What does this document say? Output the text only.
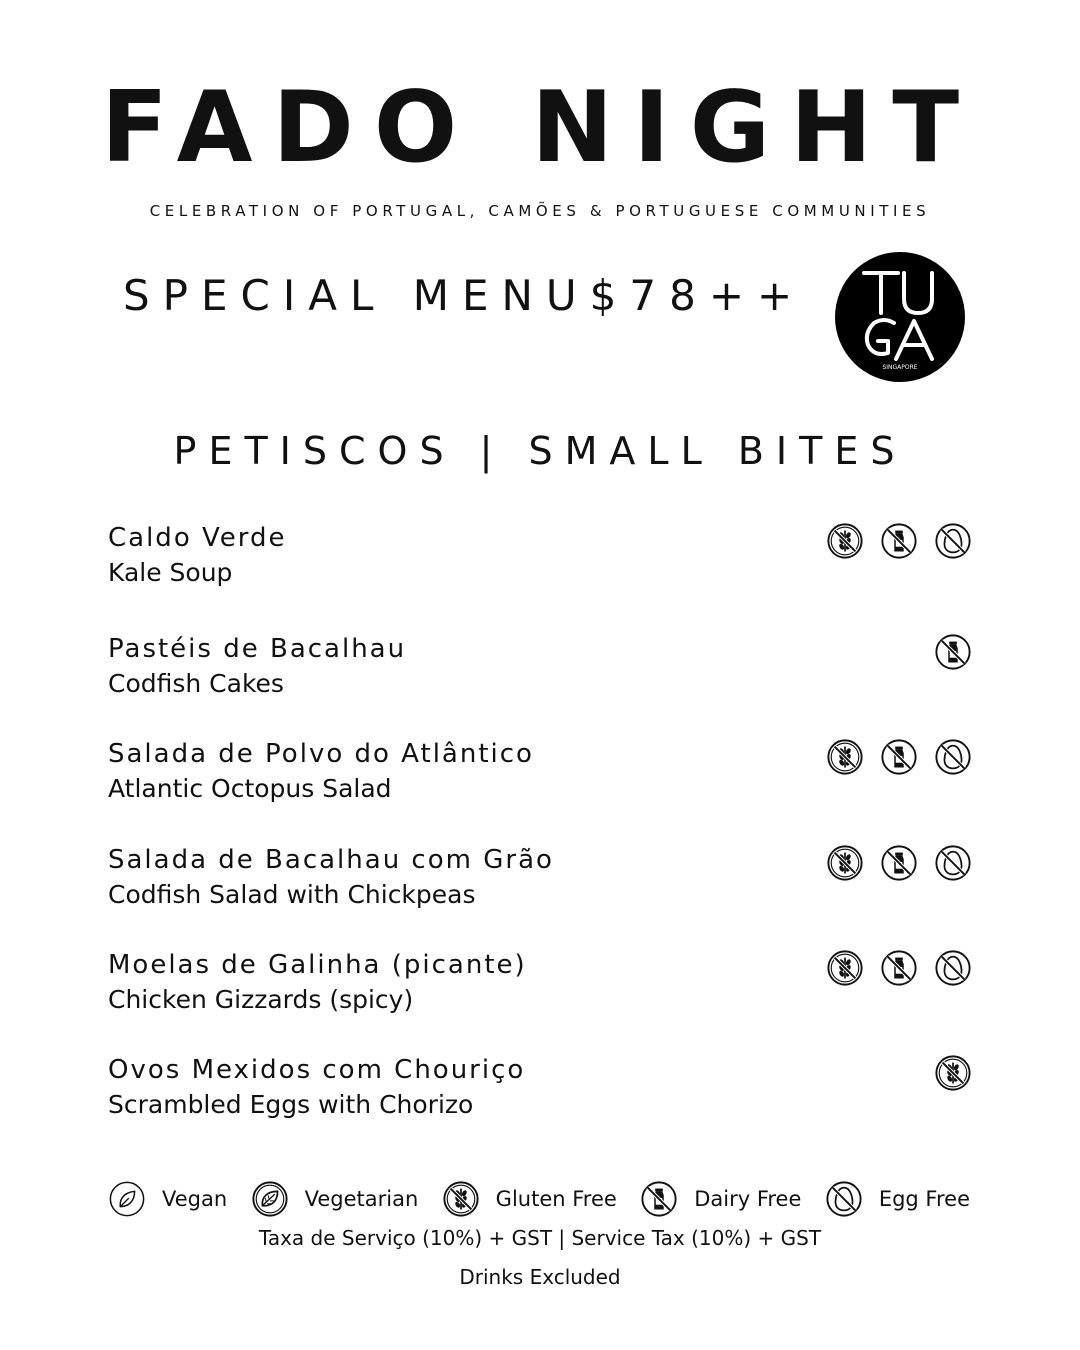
FADO NIGHT
CELEBRATION OF PORTUGAL, CAMÕES & PORTUGUESE COMMUNITIES
SPECIAL MENU$78++
SINGAPORE
PETISCOS | SMALL BITES
Caldo Verde
Kale Soup
Pastéis de Bacalhau
Codfish Cakes
Salada de Polvo do Atlântico
Atlantic Octopus Salad
Salada de Bacalhau com Grão
Codfish Salad with Chickpeas
Moelas de Galinha (picante)
Chicken Gizzards (spicy)
Ovos Mexidos com Chouriço
Scrambled Eggs with Chorizo
Vegan	Vegetarian	Gluten Free	Dairy Free	Egg Free
Taxa de Serviço (10%) + GST | Service Tax (10%) + GST
Drinks Excluded
